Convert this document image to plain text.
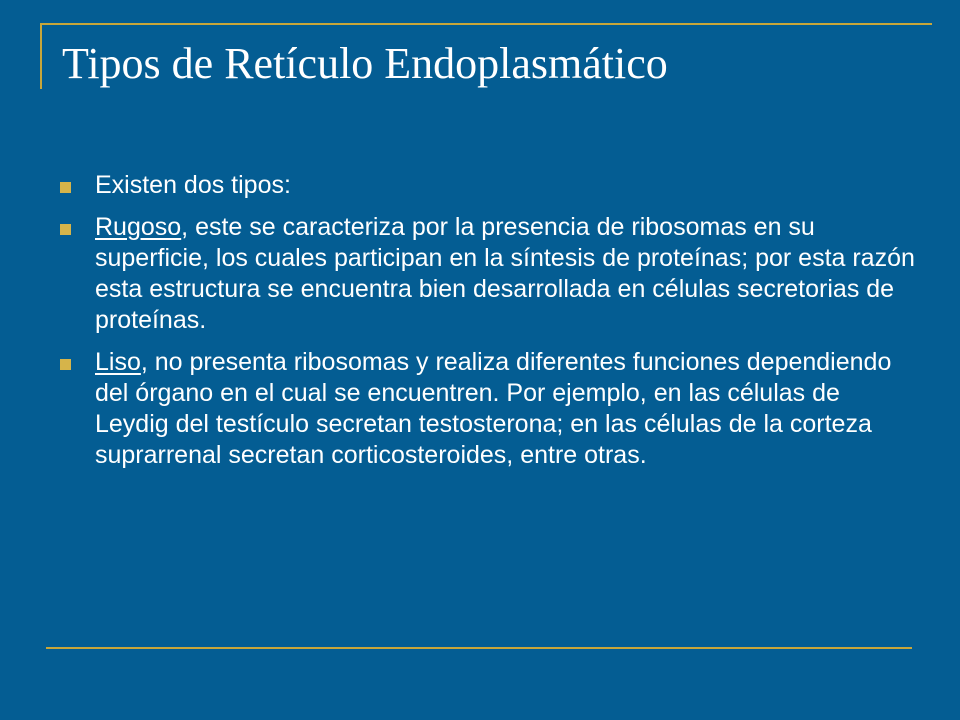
Tipos de Retículo Endoplasmático
Existen dos tipos:
Rugoso, este se caracteriza por la presencia de ribosomas en su superficie, los cuales participan en la síntesis de proteínas; por esta razón esta estructura se encuentra bien desarrollada en células secretorias de proteínas.
Liso, no presenta ribosomas y realiza diferentes funciones dependiendo del órgano en el cual se encuentren. Por ejemplo, en las células de Leydig del testículo secretan testosterona; en las células de la corteza suprarrenal secretan corticosteroides, entre otras.
